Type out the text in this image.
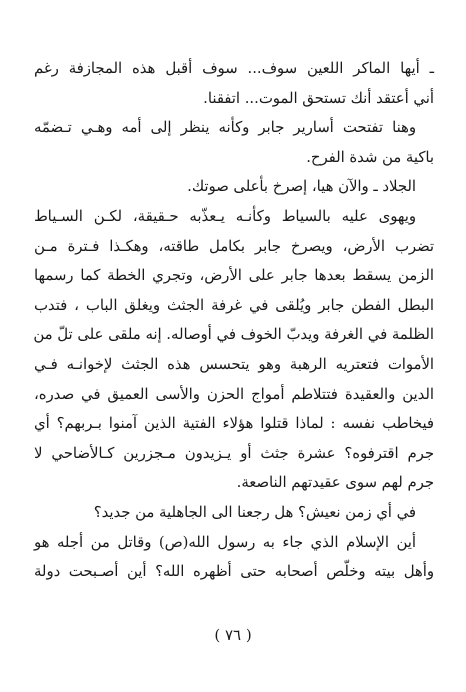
ـ أيها الماكر اللعين سوف... سوف أقبل هذه المجازفة رغم
أني أعتقد أنك تستحق الموت... اتفقنا.
وهنا تفتحت أسارير جابر وكأنه ينظر إلى أمه وهـي تـضمّه
باكية من شدة الفرح.
الجلاد ـ والآن هيا، إصرخ بأعلى صوتك.
ويهوى عليه بالسياط وكأنـه يـعذّبه حـقيقة، لكـن السـياط
تضرب الأرض، ويصرخ جابر بكامل طاقته، وهكـذا فـترة مـن
الزمن يسقط بعدها جابر على الأرض، وتجري الخطة كما رسمها
البطل الفطن جابر ويُلقى في غرفة الجثث ويغلق الباب ، فتدب
الظلمة في الغرفة ويدبّ الخوف في أوصاله. إنه ملقى على تلّ من
الأموات فتعتريه الرهبة وهو يتحسس هذه الجثث لإخوانـه فـي
الدين والعقيدة فتتلاطم أمواج الحزن والأسى العميق في صدره،
فيخاطب نفسه : لماذا قتلوا هؤلاء الفتية الذين آمنوا بـربهم؟ أي
جرم اقترفوه؟ عشرة جثث أو يـزيدون مـجزرين كـالأضاحي لا
جرم لهم سوى عقيدتهم الناصعة.
في أي زمن نعيش؟ هل رجعنا الى الجاهلية من جديد؟
أين الإسلام الذي جاء به رسول الله(ص) وقاتل من أجله هو
وأهل بيته وخلّص أصحابه حتى أظهره الله؟ أين أصـبحت دولة
( ٧٦ )
